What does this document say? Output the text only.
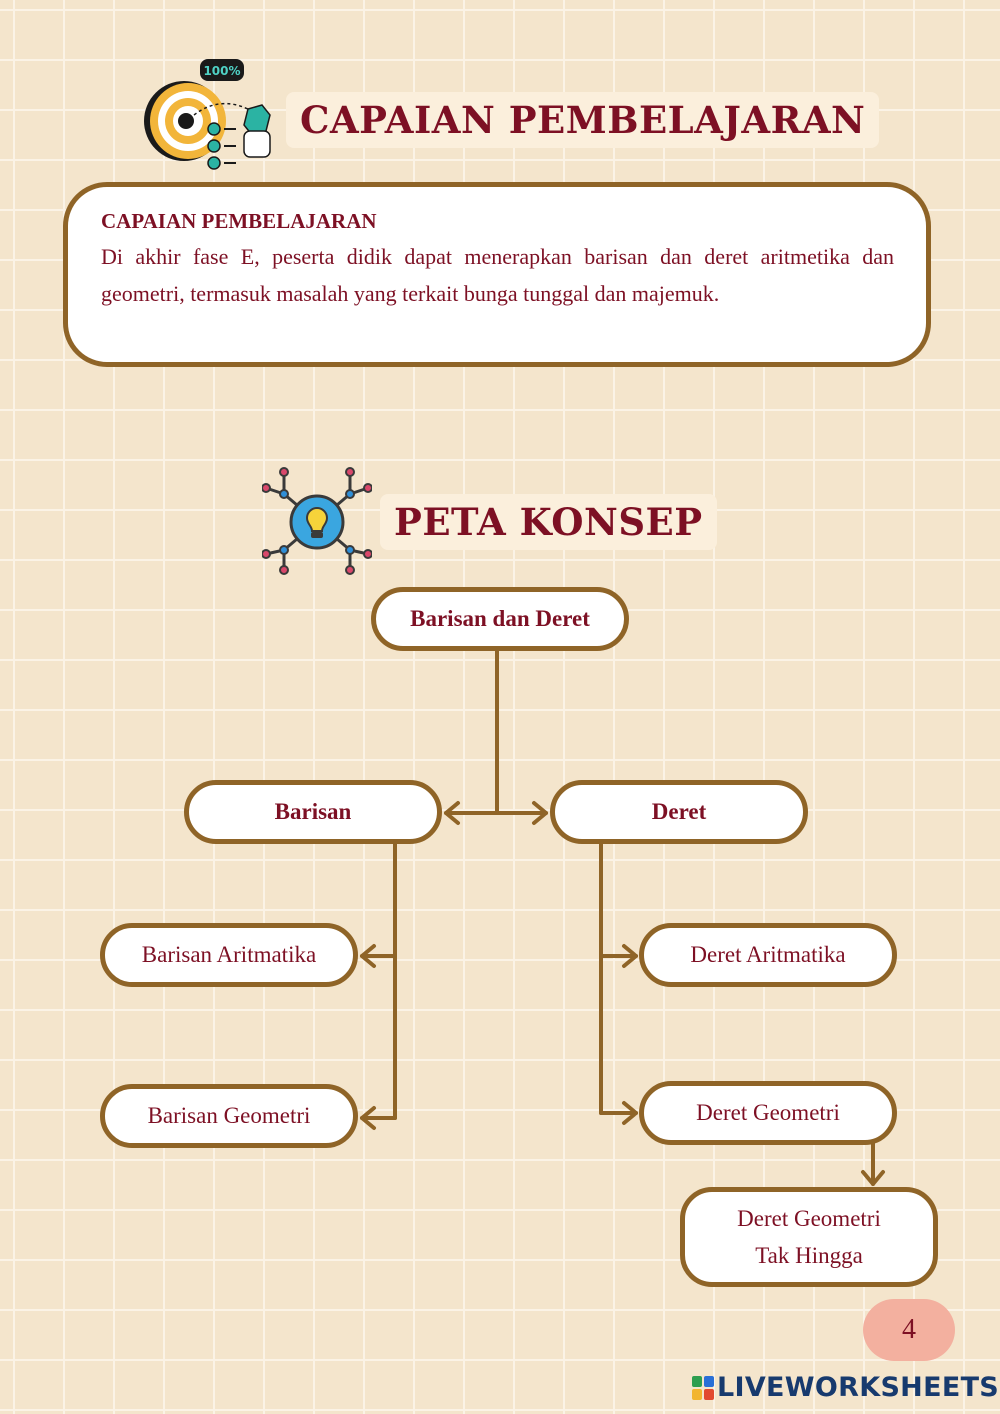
100%
CAPAIAN PEMBELAJARAN
CAPAIAN PEMBELAJARAN
Di akhir fase E, peserta didik dapat menerapkan barisan dan deret aritmetika dan geometri, termasuk masalah yang terkait bunga tunggal dan majemuk.
PETA KONSEP
Barisan dan Deret
Barisan	Deret
Barisan Aritmatika
Barisan Geometri
Deret Aritmatika
Deret Geometri
Deret Geometri
Tak Hingga
4
LIVEWORKSHEETS
